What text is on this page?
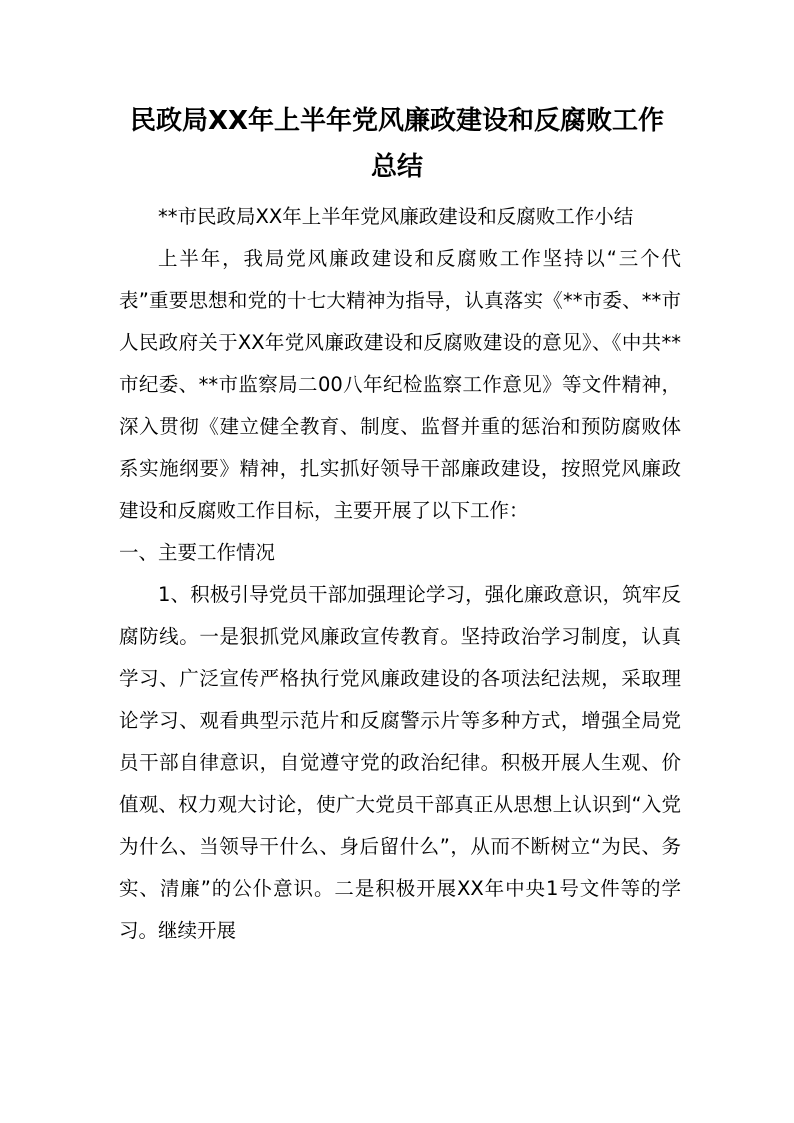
民政局XX年上半年党风廉政建设和反腐败工作总结

**市民政局XX年上半年党风廉政建设和反腐败工作小结

上半年，我局党风廉政建设和反腐败工作坚持以“三个代表”重要思想和党的十七大精神为指导，认真落实《**市委、**市人民政府关于XX年党风廉政建设和反腐败建设的意见》、《中共**市纪委、**市监察局二00八年纪检监察工作意见》等文件精神，深入贯彻《建立健全教育、制度、监督并重的惩治和预防腐败体系实施纲要》精神，扎实抓好领导干部廉政建设，按照党风廉政建设和反腐败工作目标，主要开展了以下工作：

一、主要工作情况

1、积极引导党员干部加强理论学习，强化廉政意识，筑牢反腐防线。一是狠抓党风廉政宣传教育。坚持政治学习制度，认真学习、广泛宣传严格执行党风廉政建设的各项法纪法规，采取理论学习、观看典型示范片和反腐警示片等多种方式，增强全局党员干部自律意识，自觉遵守党的政治纪律。积极开展人生观、价值观、权力观大讨论，使广大党员干部真正从思想上认识到“入党为什么、当领导干什么、身后留什么”，从而不断树立“为民、务实、清廉”的公仆意识。二是积极开展XX年中央1号文件等的学习。继续开展
